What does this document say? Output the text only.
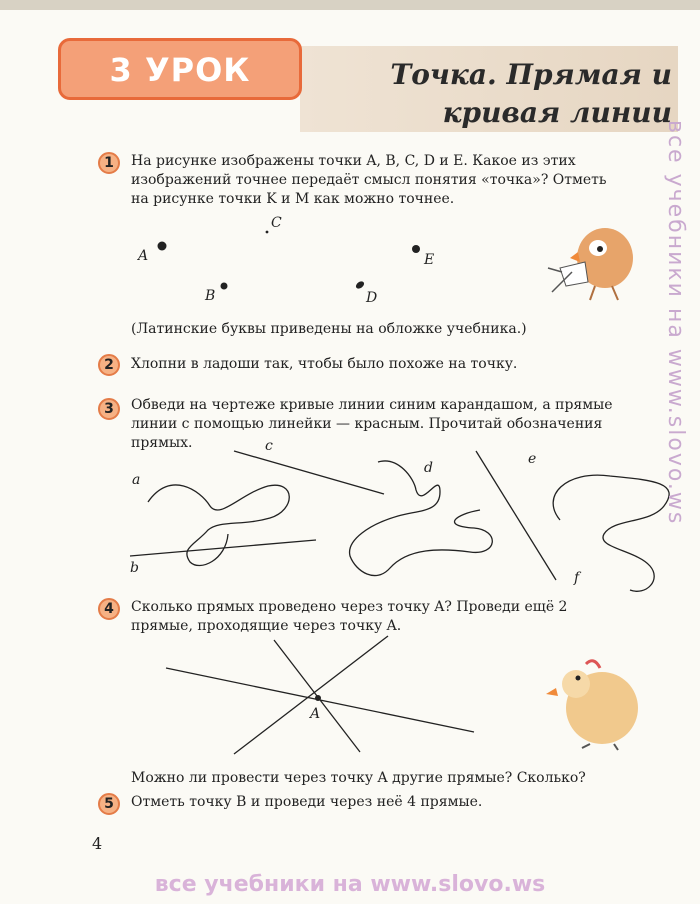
3 УРОК	Точка. Прямая и
кривая линии
1	На рисунке изображены точки A, B, C, D и E. Какое из этих
изображений точнее передаёт смысл понятия «точка»? Отметь
на рисунке точки K и M как можно точнее.
A
B
C
D
E
(Латинские буквы приведены на обложке учебника.)
2	Хлопни в ладоши так, чтобы было похоже на точку.
3	Обведи на чертеже кривые линии синим карандашом, а прямые
линии с помощью линейки — красным. Прочитай обозначения
прямых.
a
b
c
d
e
f
4	Сколько прямых проведено через точку A? Проведи ещё 2
прямые, проходящие через точку A.
A
Можно ли провести через точку A другие прямые? Сколько?
5	Отметь точку B и проведи через неё 4 прямые.
4
все учебники на www.slovo.ws
все учебники на www.slovo.ws
